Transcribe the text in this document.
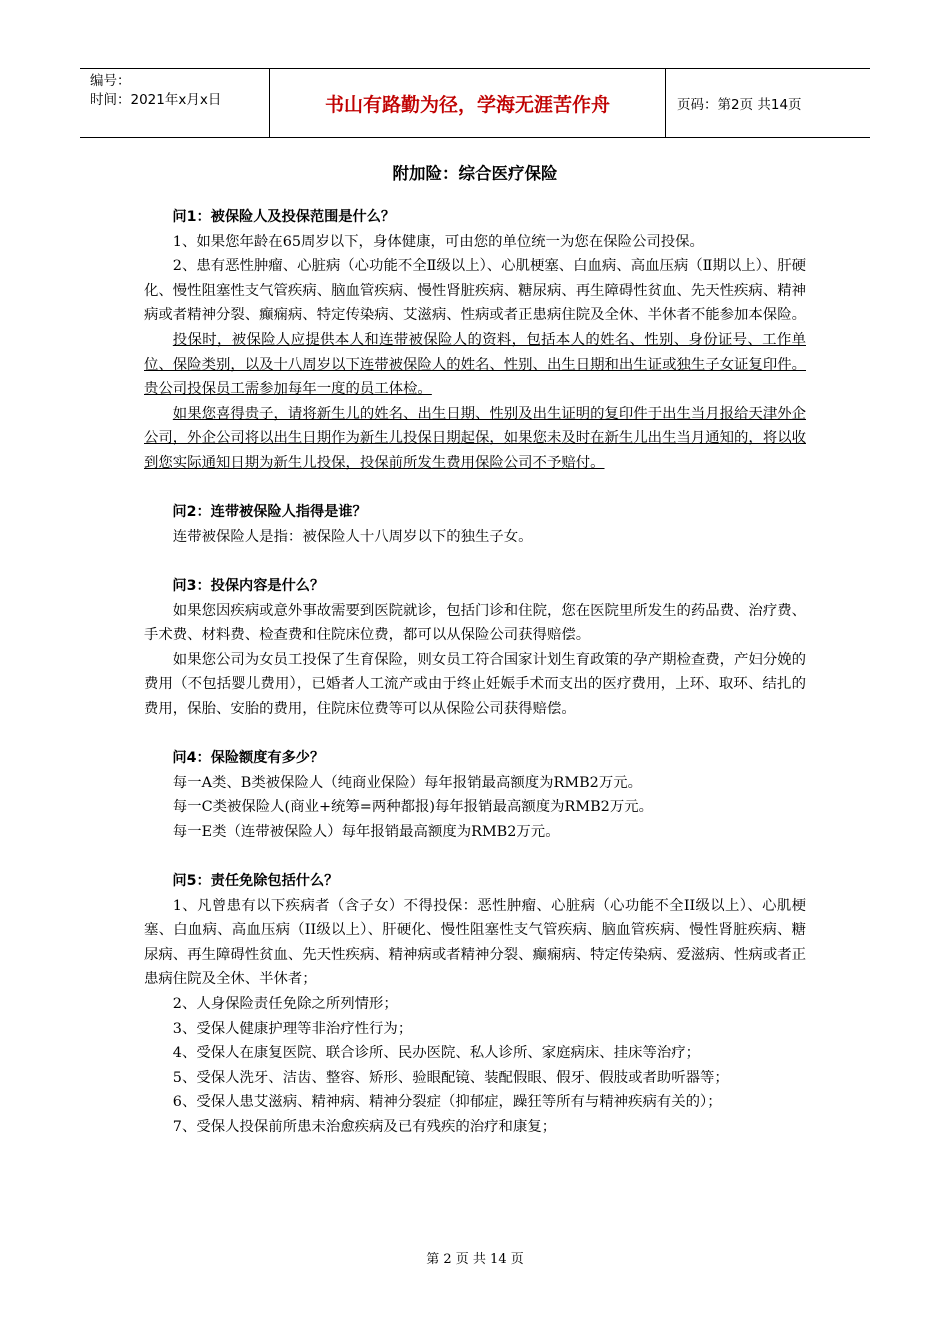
编号：
时间：2021年x月x日	书山有路勤为径，学海无涯苦作舟	页码：第2页 共14页
附加险：综合医疗保险

问1：被保险人及投保范围是什么？

1、如果您年龄在65周岁以下，身体健康，可由您的单位统一为您在保险公司投保。

2、患有恶性肿瘤、心脏病（心功能不全Ⅱ级以上）、心肌梗塞、白血病、高血压病（Ⅱ期以上）、肝硬化、慢性阻塞性支气管疾病、脑血管疾病、慢性肾脏疾病、糖尿病、再生障碍性贫血、先天性疾病、精神病或者精神分裂、癫痫病、特定传染病、艾滋病、性病或者正患病住院及全休、半休者不能参加本保险。

投保时，被保险人应提供本人和连带被保险人的资料，包括本人的姓名、性别、身份证号、工作单位、保险类别，以及十八周岁以下连带被保险人的姓名、性别、出生日期和出生证或独生子女证复印件。贵公司投保员工需参加每年一度的员工体检。

如果您喜得贵子，请将新生儿的姓名、出生日期、性别及出生证明的复印件于出生当月报给天津外企公司，外企公司将以出生日期作为新生儿投保日期起保，如果您未及时在新生儿出生当月通知的，将以收到您实际通知日期为新生儿投保，投保前所发生费用保险公司不予赔付。

问2：连带被保险人指得是谁？

连带被保险人是指：被保险人十八周岁以下的独生子女。

问3：投保内容是什么？

如果您因疾病或意外事故需要到医院就诊，包括门诊和住院，您在医院里所发生的药品费、治疗费、手术费、材料费、检查费和住院床位费，都可以从保险公司获得赔偿。

如果您公司为女员工投保了生育保险，则女员工符合国家计划生育政策的孕产期检查费，产妇分娩的费用（不包括婴儿费用），已婚者人工流产或由于终止妊娠手术而支出的医疗费用，上环、取环、结扎的费用，保胎、安胎的费用，住院床位费等可以从保险公司获得赔偿。

问4：保险额度有多少？

每一A类、B类被保险人（纯商业保险）每年报销最高额度为RMB2万元。

每一C类被保险人(商业+统筹=两种都报)每年报销最高额度为RMB2万元。

每一E类（连带被保险人）每年报销最高额度为RMB2万元。

问5：责任免除包括什么？

1、凡曾患有以下疾病者（含子女）不得投保：恶性肿瘤、心脏病（心功能不全II级以上）、心肌梗塞、白血病、高血压病（II级以上）、肝硬化、慢性阻塞性支气管疾病、脑血管疾病、慢性肾脏疾病、糖尿病、再生障碍性贫血、先天性疾病、精神病或者精神分裂、癫痫病、特定传染病、爱滋病、性病或者正患病住院及全休、半休者；

2、人身保险责任免除之所列情形；

3、受保人健康护理等非治疗性行为；

4、受保人在康复医院、联合诊所、民办医院、私人诊所、家庭病床、挂床等治疗；

5、受保人洗牙、洁齿、整容、矫形、验眼配镜、装配假眼、假牙、假肢或者助听器等；

6、受保人患艾滋病、精神病、精神分裂症（抑郁症，躁狂等所有与精神疾病有关的）；

7、受保人投保前所患未治愈疾病及已有残疾的治疗和康复；

第 2 页 共 14 页
